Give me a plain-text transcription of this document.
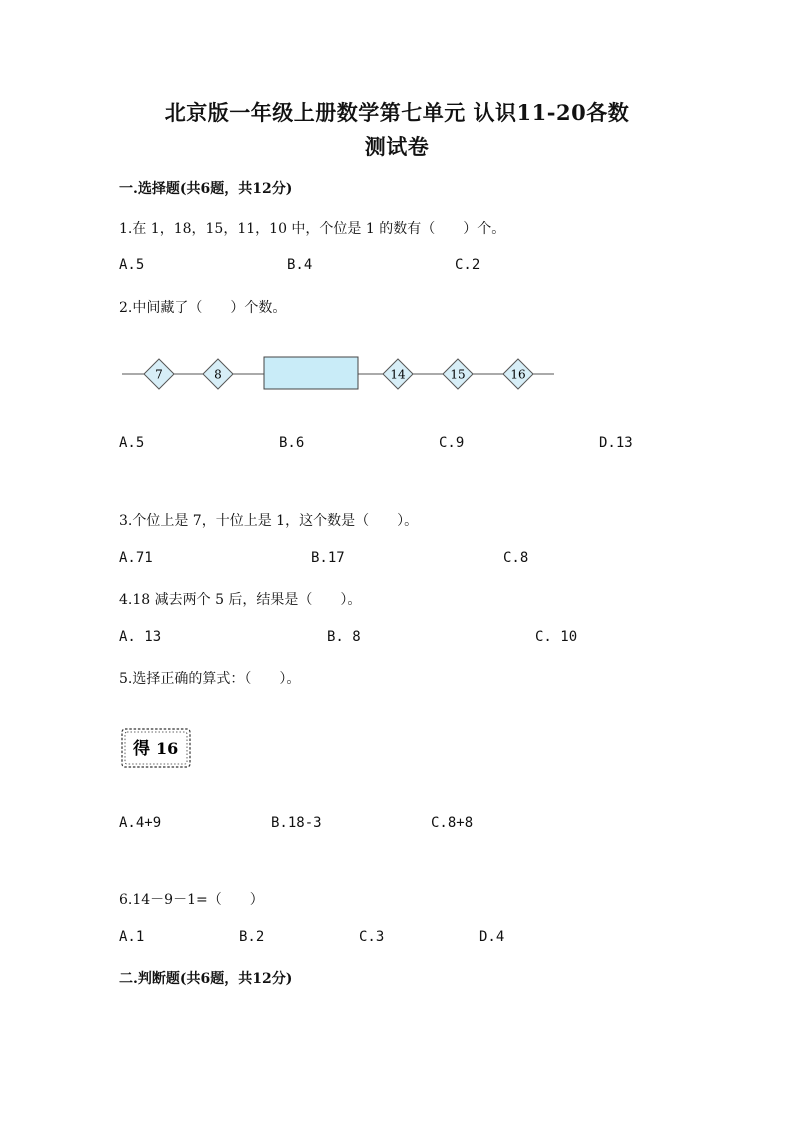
北京版一年级上册数学第七单元 认识11-20各数
测试卷
一.选择题(共6题，共12分)
1.在 1，18，15，11，10 中，个位是 1 的数有（　　）个。
A.5	B.4	C.2
2.中间藏了（　　）个数。
7	8	14	15	16
A.5	B.6	C.9	D.13
3.个位上是 7，十位上是 1，这个数是（　　）。
A.71	B.17	C.8
4.18 减去两个 5 后，结果是（　　）。
A. 13	B. 8	C. 10
5.选择正确的算式：（　　）。
得 16
A.4+9	B.18-3	C.8+8
6.14－9－1=（　　）
A.1	B.2	C.3	D.4
二.判断题(共6题，共12分)
